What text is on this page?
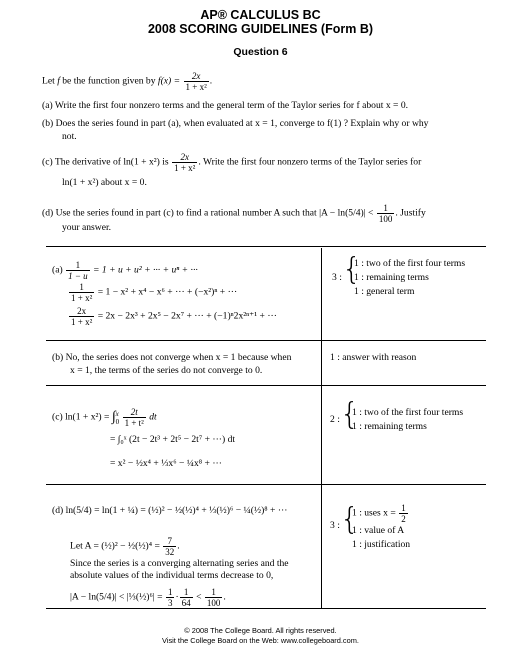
AP® CALCULUS BC
2008 SCORING GUIDELINES (Form B)
Question 6
Let f be the function given by $f(x) = \frac{2x}{\text{1 + x²}}$ .
(a) Write the first four nonzero terms and the general term of the Taylor series for f about x = 0.
(b) Does the series found in part (a), when evaluated at x = 1, converge to f(1) ? Explain why or why
not.
(c) The derivative of ln(1 + x²) is $\frac{2x}{\text{1 + x²}}$ . Write the first four nonzero terms of the Taylor series for
ln(1 + x²) about x = 0.
(d) Use the series found in part (c) to find a rational number A such that $|A - \ln(5/4)| < \frac{1}{100}$ . Justify
your answer.
$(a) \frac{1}{1 - u} = 1 + u + u^2$ + ··· + uⁿ + ···
$\frac{1}{\text{1 + x²}} = 1 - x^2 + x^4 - x^6$ + ··· + (−x²)ⁿ + ···
$\frac{2x}{\text{1 + x²}} = 2x - 2x^3 + 2x^5 - 2x^7$ + ··· + (−1)ⁿ2x²ⁿ⁺¹ + ···
3 : {
1 : two of the first four terms
1 : remaining terms
1 : general term
(b) No, the series does not converge when x = 1 because when
x = 1, the terms of the series do not converge to 0.
1 : answer with reason
(c) ln(1 + x²) = ∫ x
0
$\frac{2t}{\text{1 + t²}}$ dt
= ∫₀ˣ (2t − 2t³ + 2t⁵ − 2t⁷ + ···) dt
= x² − ½x⁴ + ⅓x⁶ − ¼x⁸ + ···
2 : {
1 : two of the first four terms
1 : remaining terms
(d) ln(5/4) = ln(1 + ¼) = (½)² − ½(½)⁴ + ⅓(½)⁶ − ¼(½)⁸ + ···
Let A = (½)² − ½(½)⁴ = $\frac{7}{32}$ .
Since the series is a converging alternating series and the
absolute values of the individual terms decrease to 0,
|A − ln(5/4)| < |⅓(½)⁶| = $\frac{1}{3} \cdot \frac{1}{64} < \frac{1}{100}$ .
3 : {
1 : uses $x = \frac{1}{2}$
1 : value of A
1 : justification
© 2008 The College Board. All rights reserved.
Visit the College Board on the Web: www.collegeboard.com.
